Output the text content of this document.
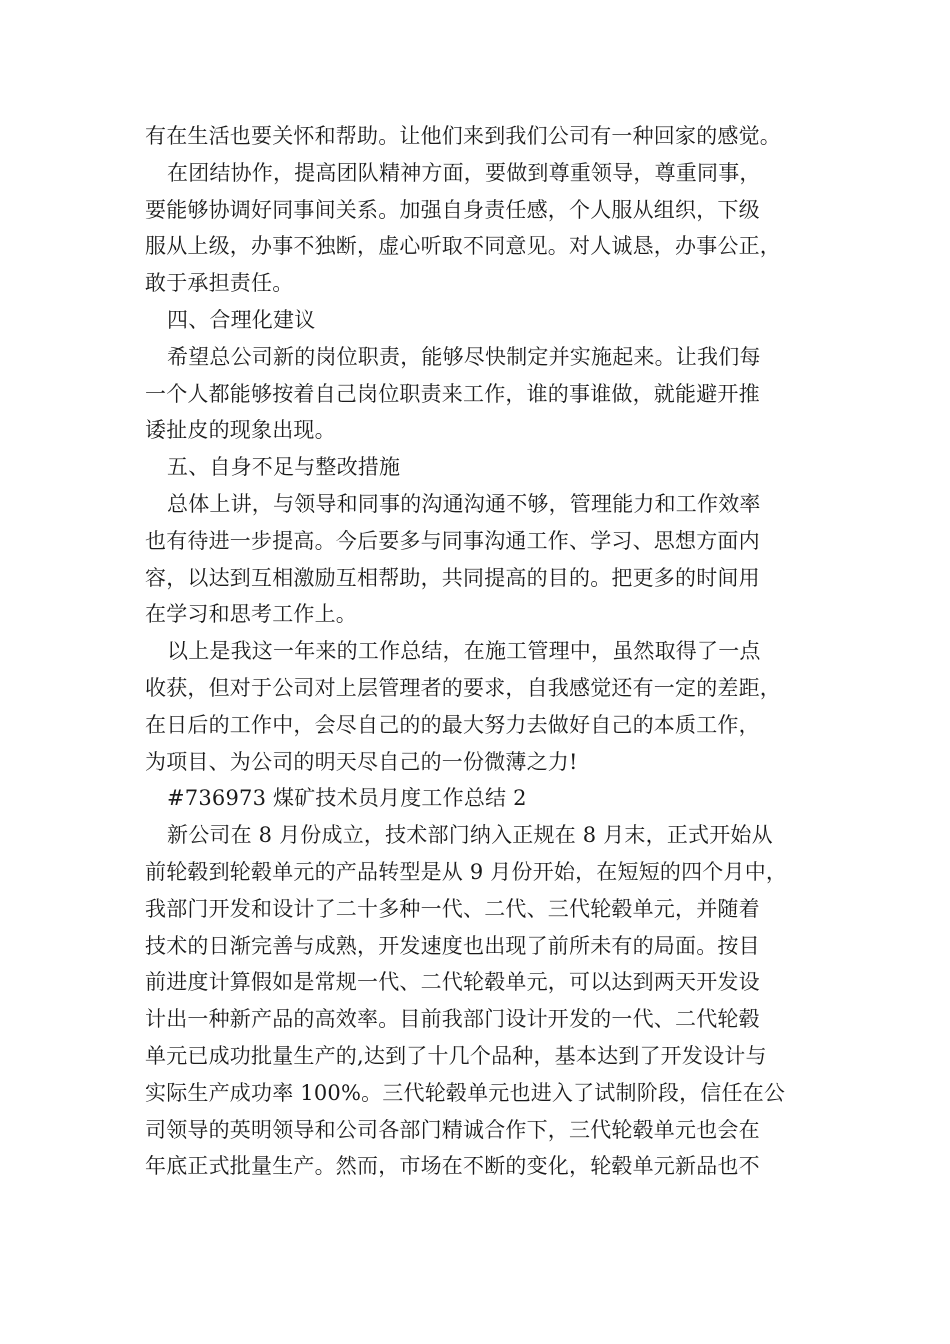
有在生活也要关怀和帮助。让他们来到我们公司有一种回家的感觉。
在团结协作，提高团队精神方面，要做到尊重领导，尊重同事，
要能够协调好同事间关系。加强自身责任感，个人服从组织，下级
服从上级，办事不独断，虚心听取不同意见。对人诚恳，办事公正，
敢于承担责任。
四、合理化建议
希望总公司新的岗位职责，能够尽快制定并实施起来。让我们每
一个人都能够按着自己岗位职责来工作，谁的事谁做，就能避开推
诿扯皮的现象出现。
五、自身不足与整改措施
总体上讲，与领导和同事的沟通沟通不够，管理能力和工作效率
也有待进一步提高。今后要多与同事沟通工作、学习、思想方面内
容，以达到互相激励互相帮助，共同提高的目的。把更多的时间用
在学习和思考工作上。
以上是我这一年来的工作总结，在施工管理中，虽然取得了一点
收获，但对于公司对上层管理者的要求，自我感觉还有一定的差距，
在日后的工作中，会尽自己的的最大努力去做好自己的本质工作，
为项目、为公司的明天尽自己的一份微薄之力!
#736973 煤矿技术员月度工作总结 2
新公司在 8 月份成立，技术部门纳入正规在 8 月末，正式开始从
前轮毂到轮毂单元的产品转型是从 9 月份开始，在短短的四个月中，
我部门开发和设计了二十多种一代、二代、三代轮毂单元，并随着
技术的日渐完善与成熟，开发速度也出现了前所未有的局面。按目
前进度计算假如是常规一代、二代轮毂单元，可以达到两天开发设
计出一种新产品的高效率。目前我部门设计开发的一代、二代轮毂
单元已成功批量生产的,达到了十几个品种，基本达到了开发设计与
实际生产成功率 100%。三代轮毂单元也进入了试制阶段，信任在公
司领导的英明领导和公司各部门精诚合作下，三代轮毂单元也会在
年底正式批量生产。然而，市场在不断的变化，轮毂单元新品也不
